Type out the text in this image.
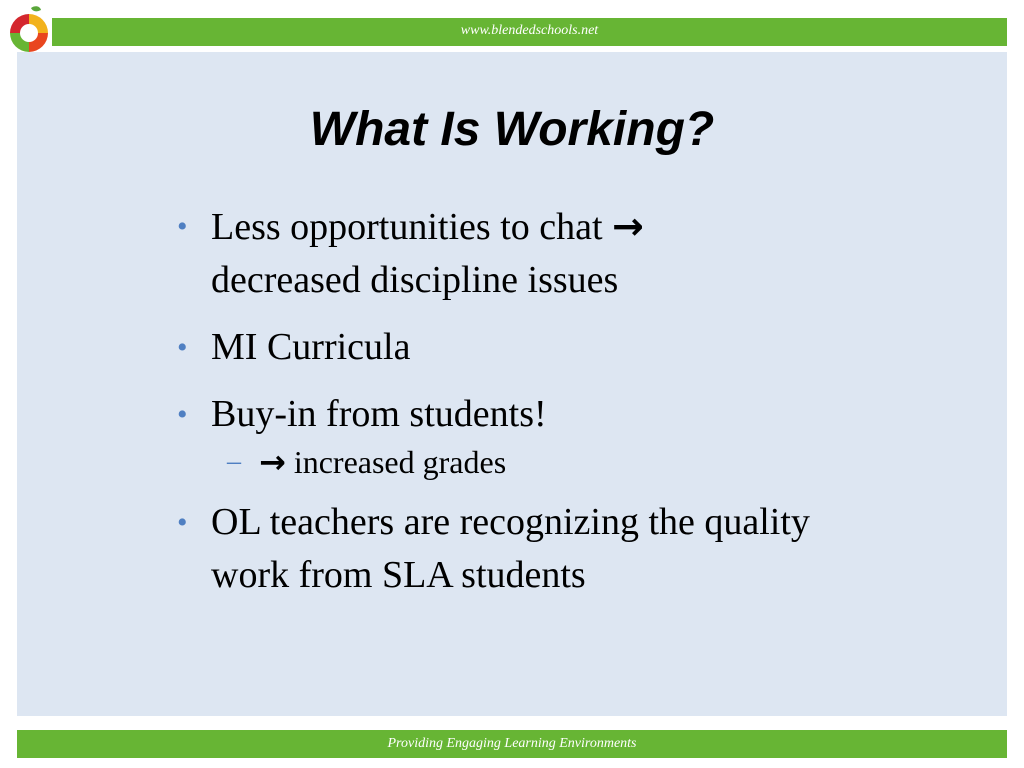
www.blendedschools.net
What Is Working?
• Less opportunities to chat →
decreased discipline issues
• MI Curricula
• Buy-in from students!
– → increased grades
• OL teachers are recognizing the quality work from SLA students
Providing Engaging Learning Environments
